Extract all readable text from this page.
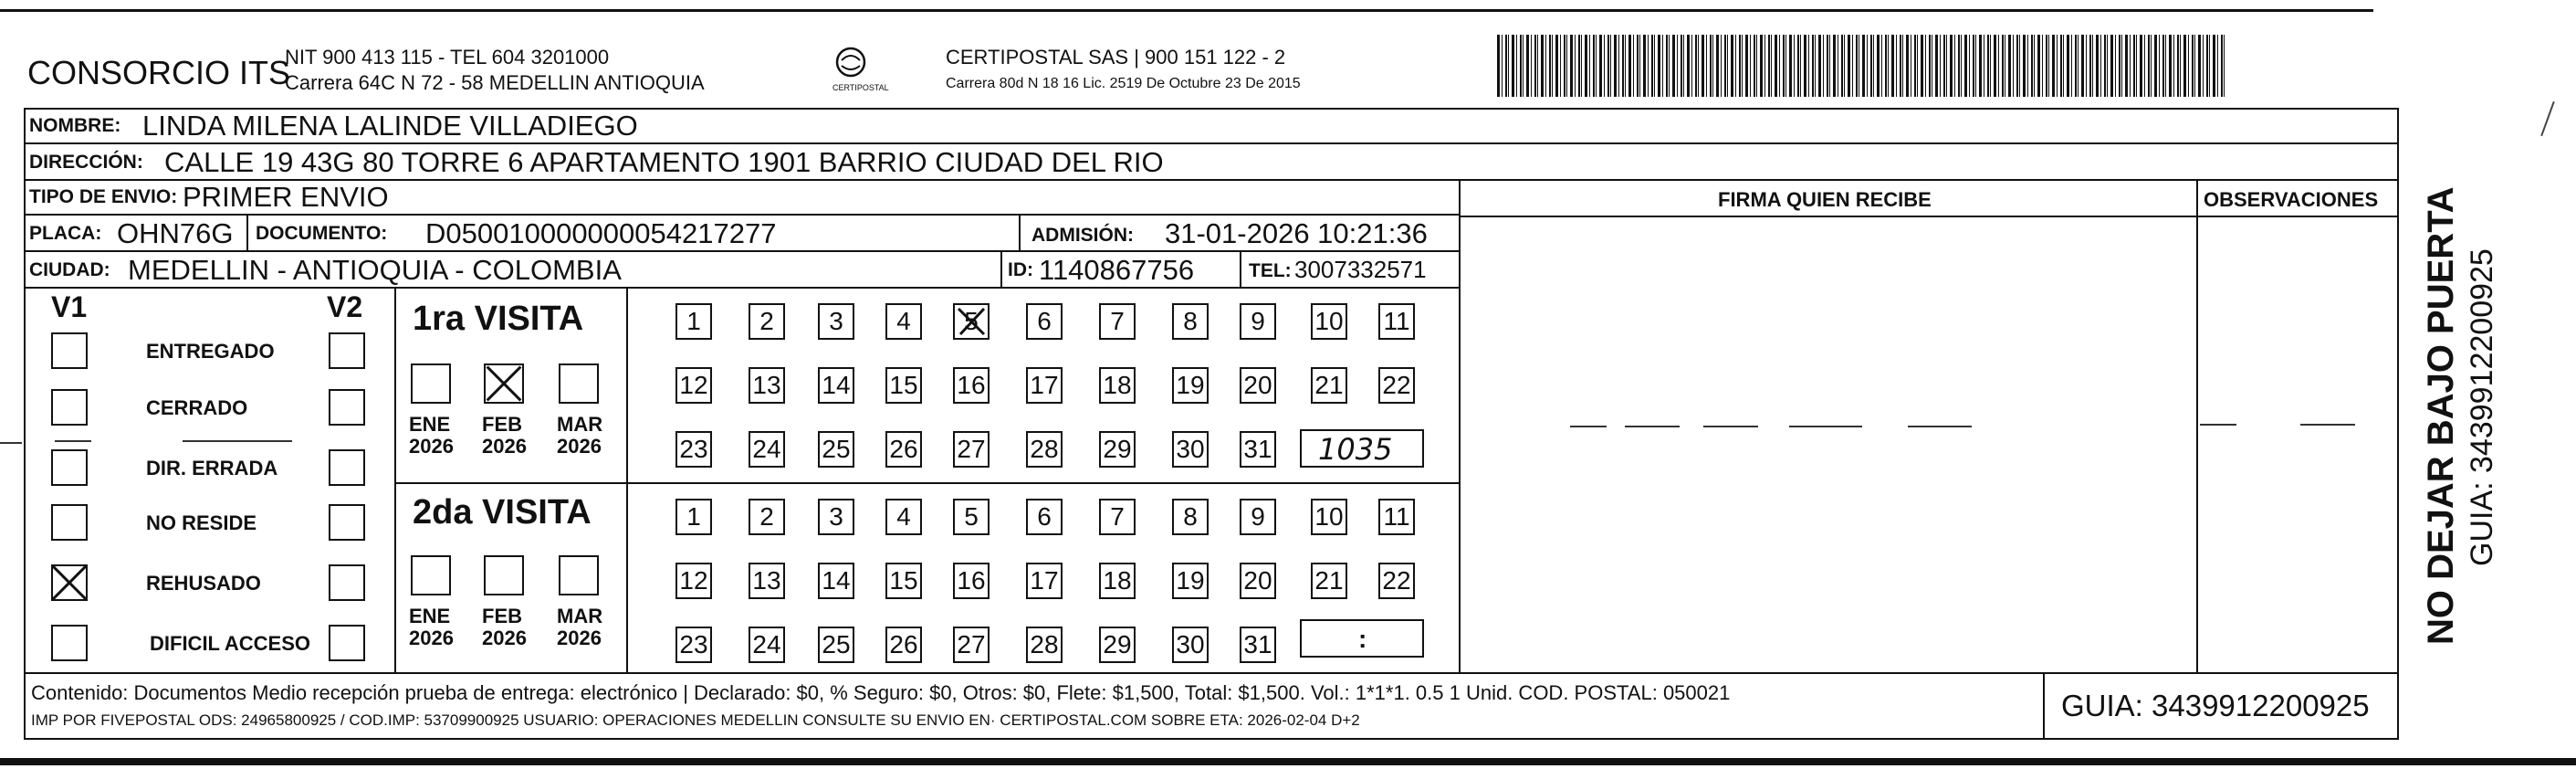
CONSORCIO ITS
NIT 900 413 115 - TEL 604 3201000
Carrera 64C N 72 - 58 MEDELLIN ANTIOQUIA	CERTIPOSTAL
CERTIPOSTAL SAS | 900 151 122 - 2
Carrera 80d N 18 16 Lic. 2519 De Octubre 23 De 2015
NOMBRE: LINDA MILENA LALINDE VILLADIEGO
DIRECCIÓN: CALLE 19 43G 80 TORRE 6 APARTAMENTO 1901 BARRIO CIUDAD DEL RIO
TIPO DE ENVIO: PRIMER ENVIO
PLACA: OHN76G DOCUMENTO: D050010000000054217277	ADMISIÓN: 31-01-2026 10:21:36
CIUDAD: MEDELLIN - ANTIOQUIA - COLOMBIA	ID: 1140867756	TEL: 3007332571
FIRMA QUIEN RECIBE	OBSERVACIONES
V1	V2
ENTREGADO
CERRADO
DIR. ERRADA
NO RESIDE
REHUSADO
DIFICIL ACCESO
1ra VISITA
2da VISITA
ENE
2026
FEB
2026
MAR
2026
ENE
2026
FEB
2026
MAR
2026
1 2 3 4 5 6 7 8 9 10 11
12 13 14 15 16 17 18 19 20 21 22
23 24 25 26 27 28 29 30 31
1 2 3 4 5 6 7 8 9 10 11
12 13 14 15 16 17 18 19 20 21 22
23 24 25 26 27 28 29 30 31
1035
:
Contenido: Documentos Medio recepción prueba de entrega: electrónico | Declarado: $0, % Seguro: $0, Otros: $0, Flete: $1,500, Total: $1,500. Vol.: 1*1*1. 0.5 1 Unid. COD. POSTAL: 050021
IMP POR FIVEPOSTAL ODS: 24965800925 / COD.IMP: 53709900925 USUARIO: OPERACIONES MEDELLIN CONSULTE SU ENVIO EN· CERTIPOSTAL.COM SOBRE ETA: 2026-02-04 D+2	GUIA: 3439912200925
NO DEJAR BAJO PUERTA GUIA: 3439912200925
